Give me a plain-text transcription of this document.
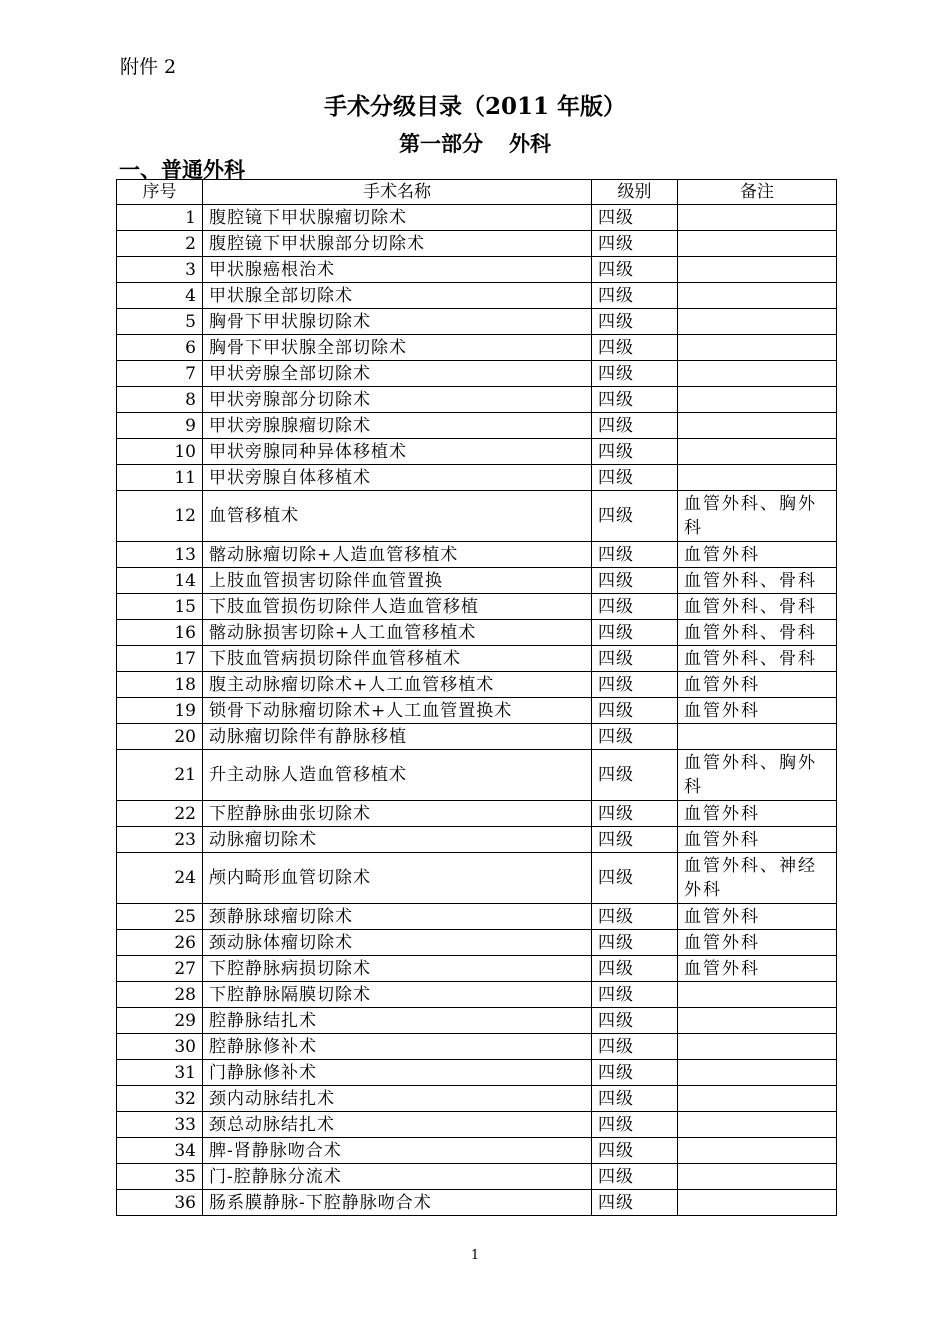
附件 2
手术分级目录（2011 年版）
第一部分 外科
一、普通外科
序号	手术名称	级别	备注
1	腹腔镜下甲状腺瘤切除术	四级	
2	腹腔镜下甲状腺部分切除术	四级	
3	甲状腺癌根治术	四级	
4	甲状腺全部切除术	四级	
5	胸骨下甲状腺切除术	四级	
6	胸骨下甲状腺全部切除术	四级	
7	甲状旁腺全部切除术	四级	
8	甲状旁腺部分切除术	四级	
9	甲状旁腺腺瘤切除术	四级	
10	甲状旁腺同种异体移植术	四级	
11	甲状旁腺自体移植术	四级	
12	血管移植术	四级	血管外科、胸外科
13	髂动脉瘤切除+人造血管移植术	四级	血管外科
14	上肢血管损害切除伴血管置换	四级	血管外科、骨科
15	下肢血管损伤切除伴人造血管移植	四级	血管外科、骨科
16	髂动脉损害切除+人工血管移植术	四级	血管外科、骨科
17	下肢血管病损切除伴血管移植术	四级	血管外科、骨科
18	腹主动脉瘤切除术+人工血管移植术	四级	血管外科
19	锁骨下动脉瘤切除术+人工血管置换术	四级	血管外科
20	动脉瘤切除伴有静脉移植	四级	
21	升主动脉人造血管移植术	四级	血管外科、胸外科
22	下腔静脉曲张切除术	四级	血管外科
23	动脉瘤切除术	四级	血管外科
24	颅内畸形血管切除术	四级	血管外科、神经外科
25	颈静脉球瘤切除术	四级	血管外科
26	颈动脉体瘤切除术	四级	血管外科
27	下腔静脉病损切除术	四级	血管外科
28	下腔静脉隔膜切除术	四级	
29	腔静脉结扎术	四级	
30	腔静脉修补术	四级	
31	门静脉修补术	四级	
32	颈内动脉结扎术	四级	
33	颈总动脉结扎术	四级	
34	脾-肾静脉吻合术	四级	
35	门-腔静脉分流术	四级	
36	肠系膜静脉-下腔静脉吻合术	四级	
1
